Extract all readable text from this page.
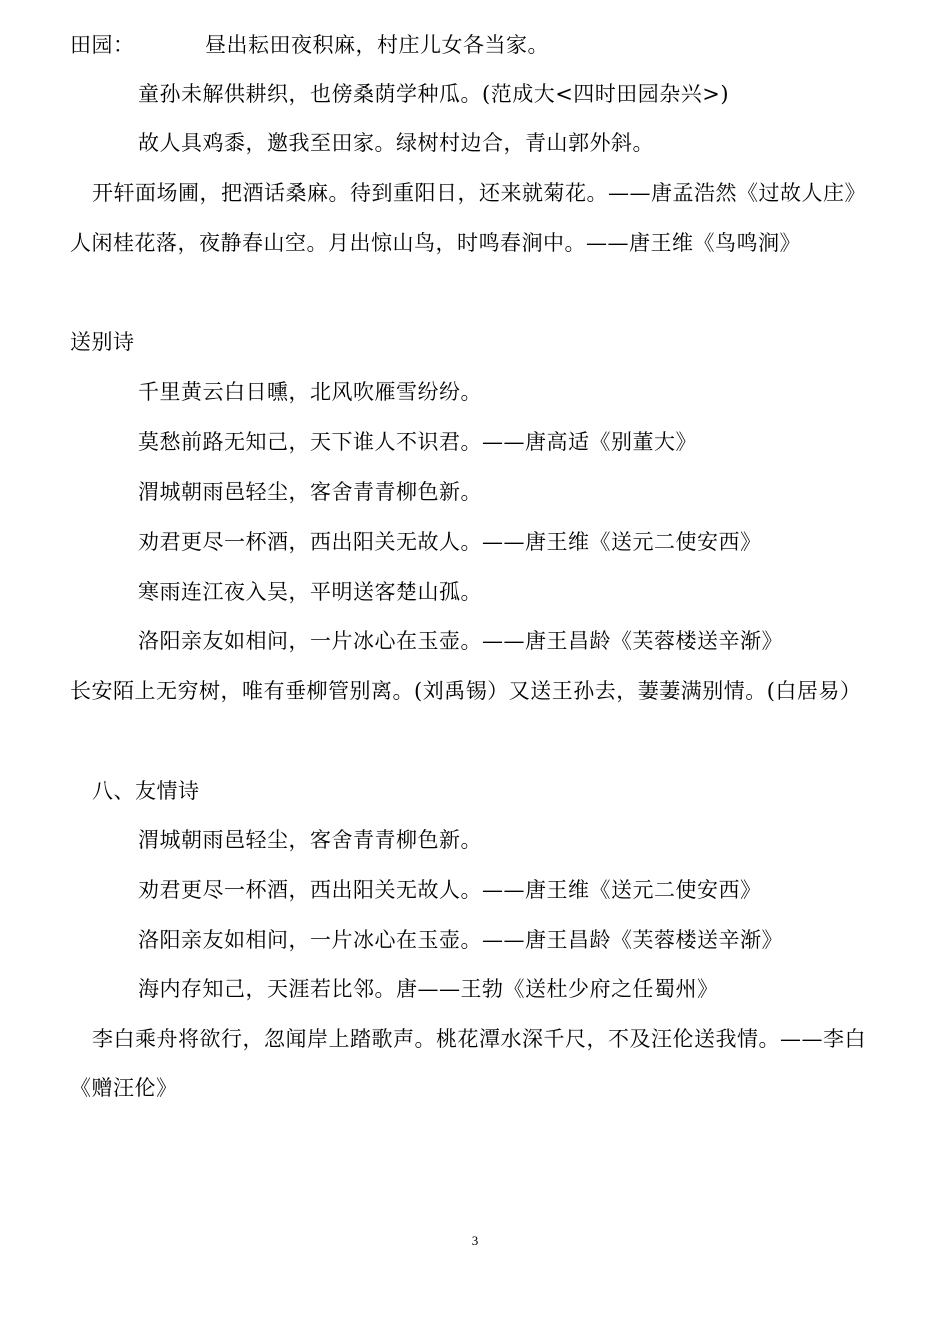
田园：	昼出耘田夜积麻，村庄儿女各当家。
童孙未解供耕织，也傍桑荫学种瓜。(范成大<四时田园杂兴>)
故人具鸡黍，邀我至田家。绿树村边合，青山郭外斜。
开轩面场圃，把酒话桑麻。待到重阳日，还来就菊花。——唐孟浩然《过故人庄》
人闲桂花落，夜静春山空。月出惊山鸟，时鸣春涧中。——唐王维《鸟鸣涧》
送别诗
千里黄云白日曛，北风吹雁雪纷纷。
莫愁前路无知己，天下谁人不识君。——唐高适《别董大》
渭城朝雨邑轻尘，客舍青青柳色新。
劝君更尽一杯酒，西出阳关无故人。——唐王维《送元二使安西》
寒雨连江夜入吴，平明送客楚山孤。
洛阳亲友如相问，一片冰心在玉壶。——唐王昌龄《芙蓉楼送辛渐》
长安陌上无穷树，唯有垂柳管别离。(刘禹锡）又送王孙去，萋萋满别情。(白居易）
八、友情诗
渭城朝雨邑轻尘，客舍青青柳色新。
劝君更尽一杯酒，西出阳关无故人。——唐王维《送元二使安西》
洛阳亲友如相问，一片冰心在玉壶。——唐王昌龄《芙蓉楼送辛渐》
海内存知己，天涯若比邻。唐——王勃《送杜少府之任蜀州》
李白乘舟将欲行，忽闻岸上踏歌声。桃花潭水深千尺，不及汪伦送我情。——李白
《赠汪伦》
3
